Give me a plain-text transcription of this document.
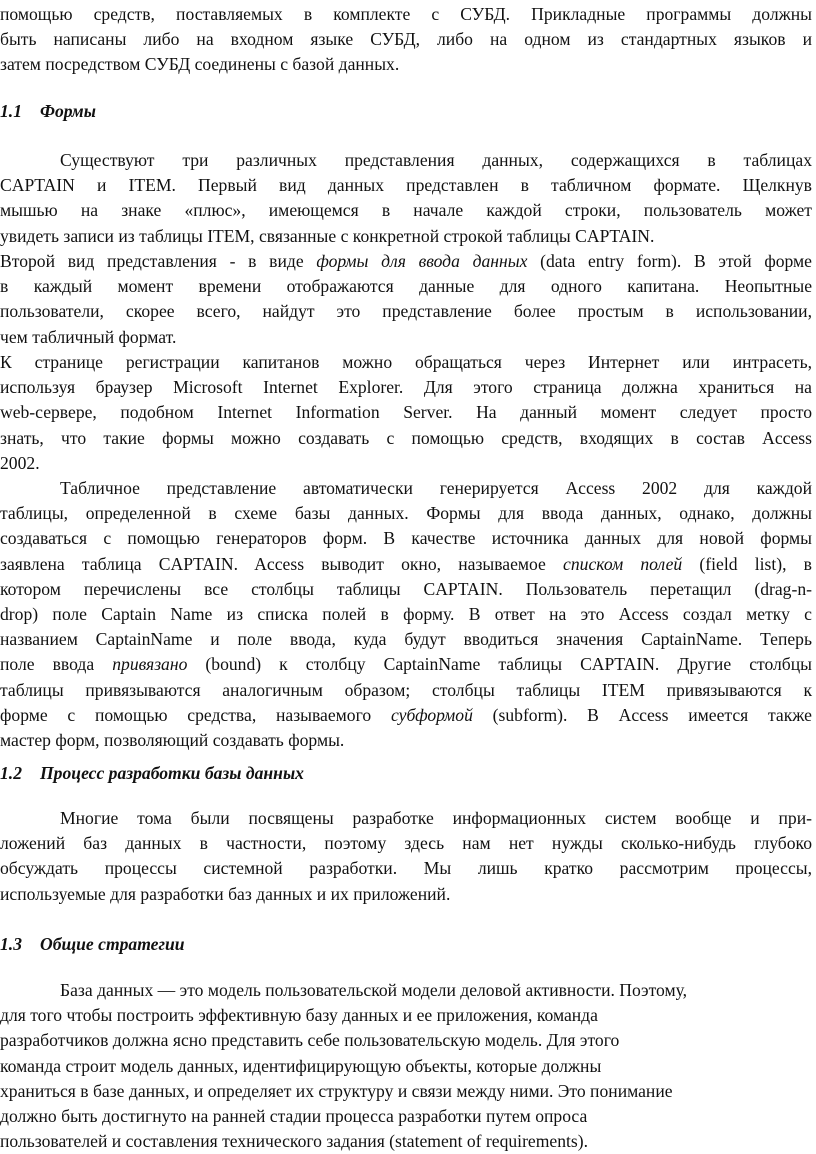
помощью средств, поставляемых в комплекте с СУБД. Прикладные программы должны
быть написаны либо на входном языке СУБД, либо на одном из стандартных языков и
затем посредством СУБД соединены с базой данных.

1.1 Формы

Существуют три различных представления данных, содержащихся в таблицах
CAPTAIN и ITEM. Первый вид данных представлен в табличном формате. Щелкнув
мышью на знаке «плюс», имеющемся в начале каждой строки, пользователь может
увидеть записи из таблицы ITEM, связанные с конкретной строкой таблицы CAPTAIN.

Второй вид представления - в виде формы для ввода данных (data entry form). В этой форме
в каждый момент времени отображаются данные для одного капитана. Неопытные
пользователи, скорее всего, найдут это представление более простым в использовании,
чем табличный формат.

К странице регистрации капитанов можно обращаться через Интернет или интрасеть,
используя браузер Microsoft Internet Explorer. Для этого страница должна храниться на
web-сервере, подобном Internet Information Server. На данный момент следует просто
знать, что такие формы можно создавать с помощью средств, входящих в состав Access
2002.

Табличное представление автоматически генерируется Access 2002 для каждой
таблицы, определенной в схеме базы данных. Формы для ввода данных, однако, должны
создаваться с помощью генераторов форм. В качестве источника данных для новой формы
заявлена таблица CAPTAIN. Access выводит окно, называемое списком полей (field list), в
котором перечислены все столбцы таблицы CAPTAIN. Пользователь перетащил (drag-n-
drop) поле Captain Name из списка полей в форму. В ответ на это Access создал метку с
названием CaptainName и поле ввода, куда будут вводиться значения CaptainName. Теперь
поле ввода привязано (bound) к столбцу CaptainName таблицы CAPTAIN. Другие столбцы
таблицы привязываются аналогичным образом; столбцы таблицы ITEM привязываются к
форме с помощью средства, называемого субформой (subform). В Access имеется также
мастер форм, позволяющий создавать формы.

1.2 Процесс разработки базы данных

Многие тома были посвящены разработке информационных систем вообще и при-
ложений баз данных в частности, поэтому здесь нам нет нужды сколько-нибудь глубоко
обсуждать процессы системной разработки. Мы лишь кратко рассмотрим процессы,
используемые для разработки баз данных и их приложений.

1.3 Общие стратегии

База данных — это модель пользовательской модели деловой активности. Поэтому,
для того чтобы построить эффективную базу данных и ее приложения, команда
разработчиков должна ясно представить себе пользовательскую модель. Для этого
команда строит модель данных, идентифицирующую объекты, которые должны
храниться в базе данных, и определяет их структуру и связи между ними. Это понимание
должно быть достигнуто на ранней стадии процесса разработки путем опроса
пользователей и составления технического задания (statement of requirements).
